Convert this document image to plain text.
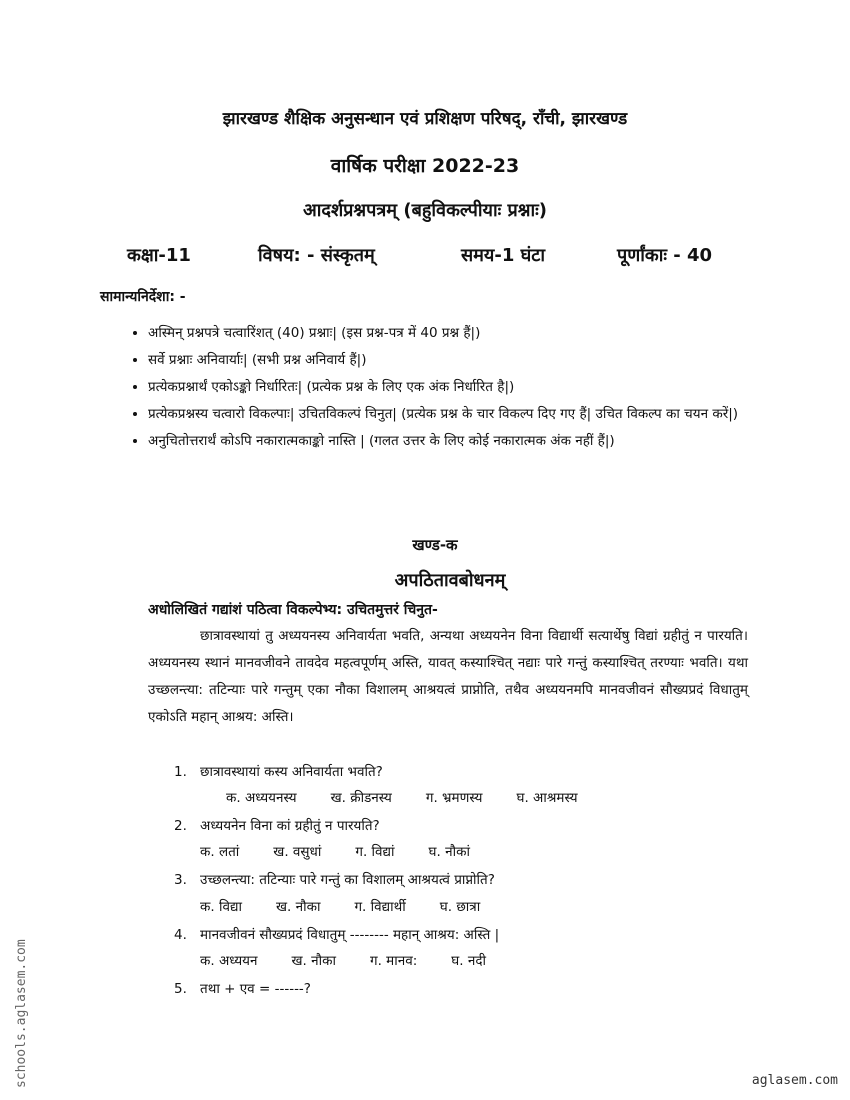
झारखण्ड शैक्षिक अनुसन्धान एवं प्रशिक्षण परिषद्, राँची, झारखण्ड
वार्षिक परीक्षा 2022-23
आदर्शप्रश्नपत्रम् (बहुविकल्पीयाः प्रश्नाः)
कक्षा-11	विषय: - संस्कृतम्	समय-1 घंटा	पूर्णांकाः - 40
सामान्यनिर्देशा: -
• अस्मिन् प्रश्नपत्रे चत्वारिंशत् (40) प्रश्नाः| (इस प्रश्न-पत्र में 40 प्रश्न हैं|)
• सर्वे प्रश्नाः अनिवार्याः| (सभी प्रश्न अनिवार्य हैं|)
• प्रत्येकप्रश्नार्थं एकोऽङ्को निर्धारितः| (प्रत्येक प्रश्न के लिए एक अंक निर्धारित है|)
• प्रत्येकप्रश्नस्य चत्वारो विकल्पाः| उचितविकल्पं चिनुत| (प्रत्येक प्रश्न के चार विकल्प दिए गए हैं| उचित विकल्प का चयन करें|)
• अनुचितोत्तरार्थं कोऽपि नकारात्मकाङ्को नास्ति | (गलत उत्तर के लिए कोई नकारात्मक अंक नहीं हैं|)
खण्ड-क
अपठितावबोधनम्
अधोलिखितं गद्यांशं पठित्वा विकल्पेभ्य: उचितमुत्तरं चिनुत-

छात्रावस्थायां तु अध्ययनस्य अनिवार्यता भवति, अन्यथा अध्ययनेन विना विद्यार्थी सत्यार्थेषु विद्यां ग्रहीतुं न पारयति। अध्ययनस्य स्थानं मानवजीवने तावदेव महत्वपूर्णम् अस्ति, यावत् कस्याश्चित् नद्याः पारे गन्तुं कस्याश्चित् तरण्याः भवति। यथा उच्छलन्त्या: तटिन्याः पारे गन्तुम् एका नौका विशालम् आश्रयत्वं प्राप्नोति, तथैव अध्ययनमपि मानवजीवनं सौख्यप्रदं विधातुम् एकोऽति महान् आश्रय: अस्ति।

1. छात्रावस्थायां कस्य अनिवार्यता भवति?
क. अध्ययनस्य	ख. क्रीडनस्य	ग. भ्रमणस्य	घ. आश्रमस्य
2. अध्ययनेन विना कां ग्रहीतुं न पारयति?
क. लतां	ख. वसुधां	ग. विद्यां	घ. नौकां
3. उच्छलन्त्या: तटिन्याः पारे गन्तुं का विशालम् आश्रयत्वं प्राप्नोति?
क. विद्या	ख. नौका	ग. विद्यार्थी	घ. छात्रा
4. मानवजीवनं सौख्यप्रदं विधातुम् -------- महान् आश्रय: अस्ति |
क. अध्ययन	ख. नौका	ग. मानव:	घ. नदी
5. तथा + एव = ------?
schools.aglasem.com	aglasem.com
